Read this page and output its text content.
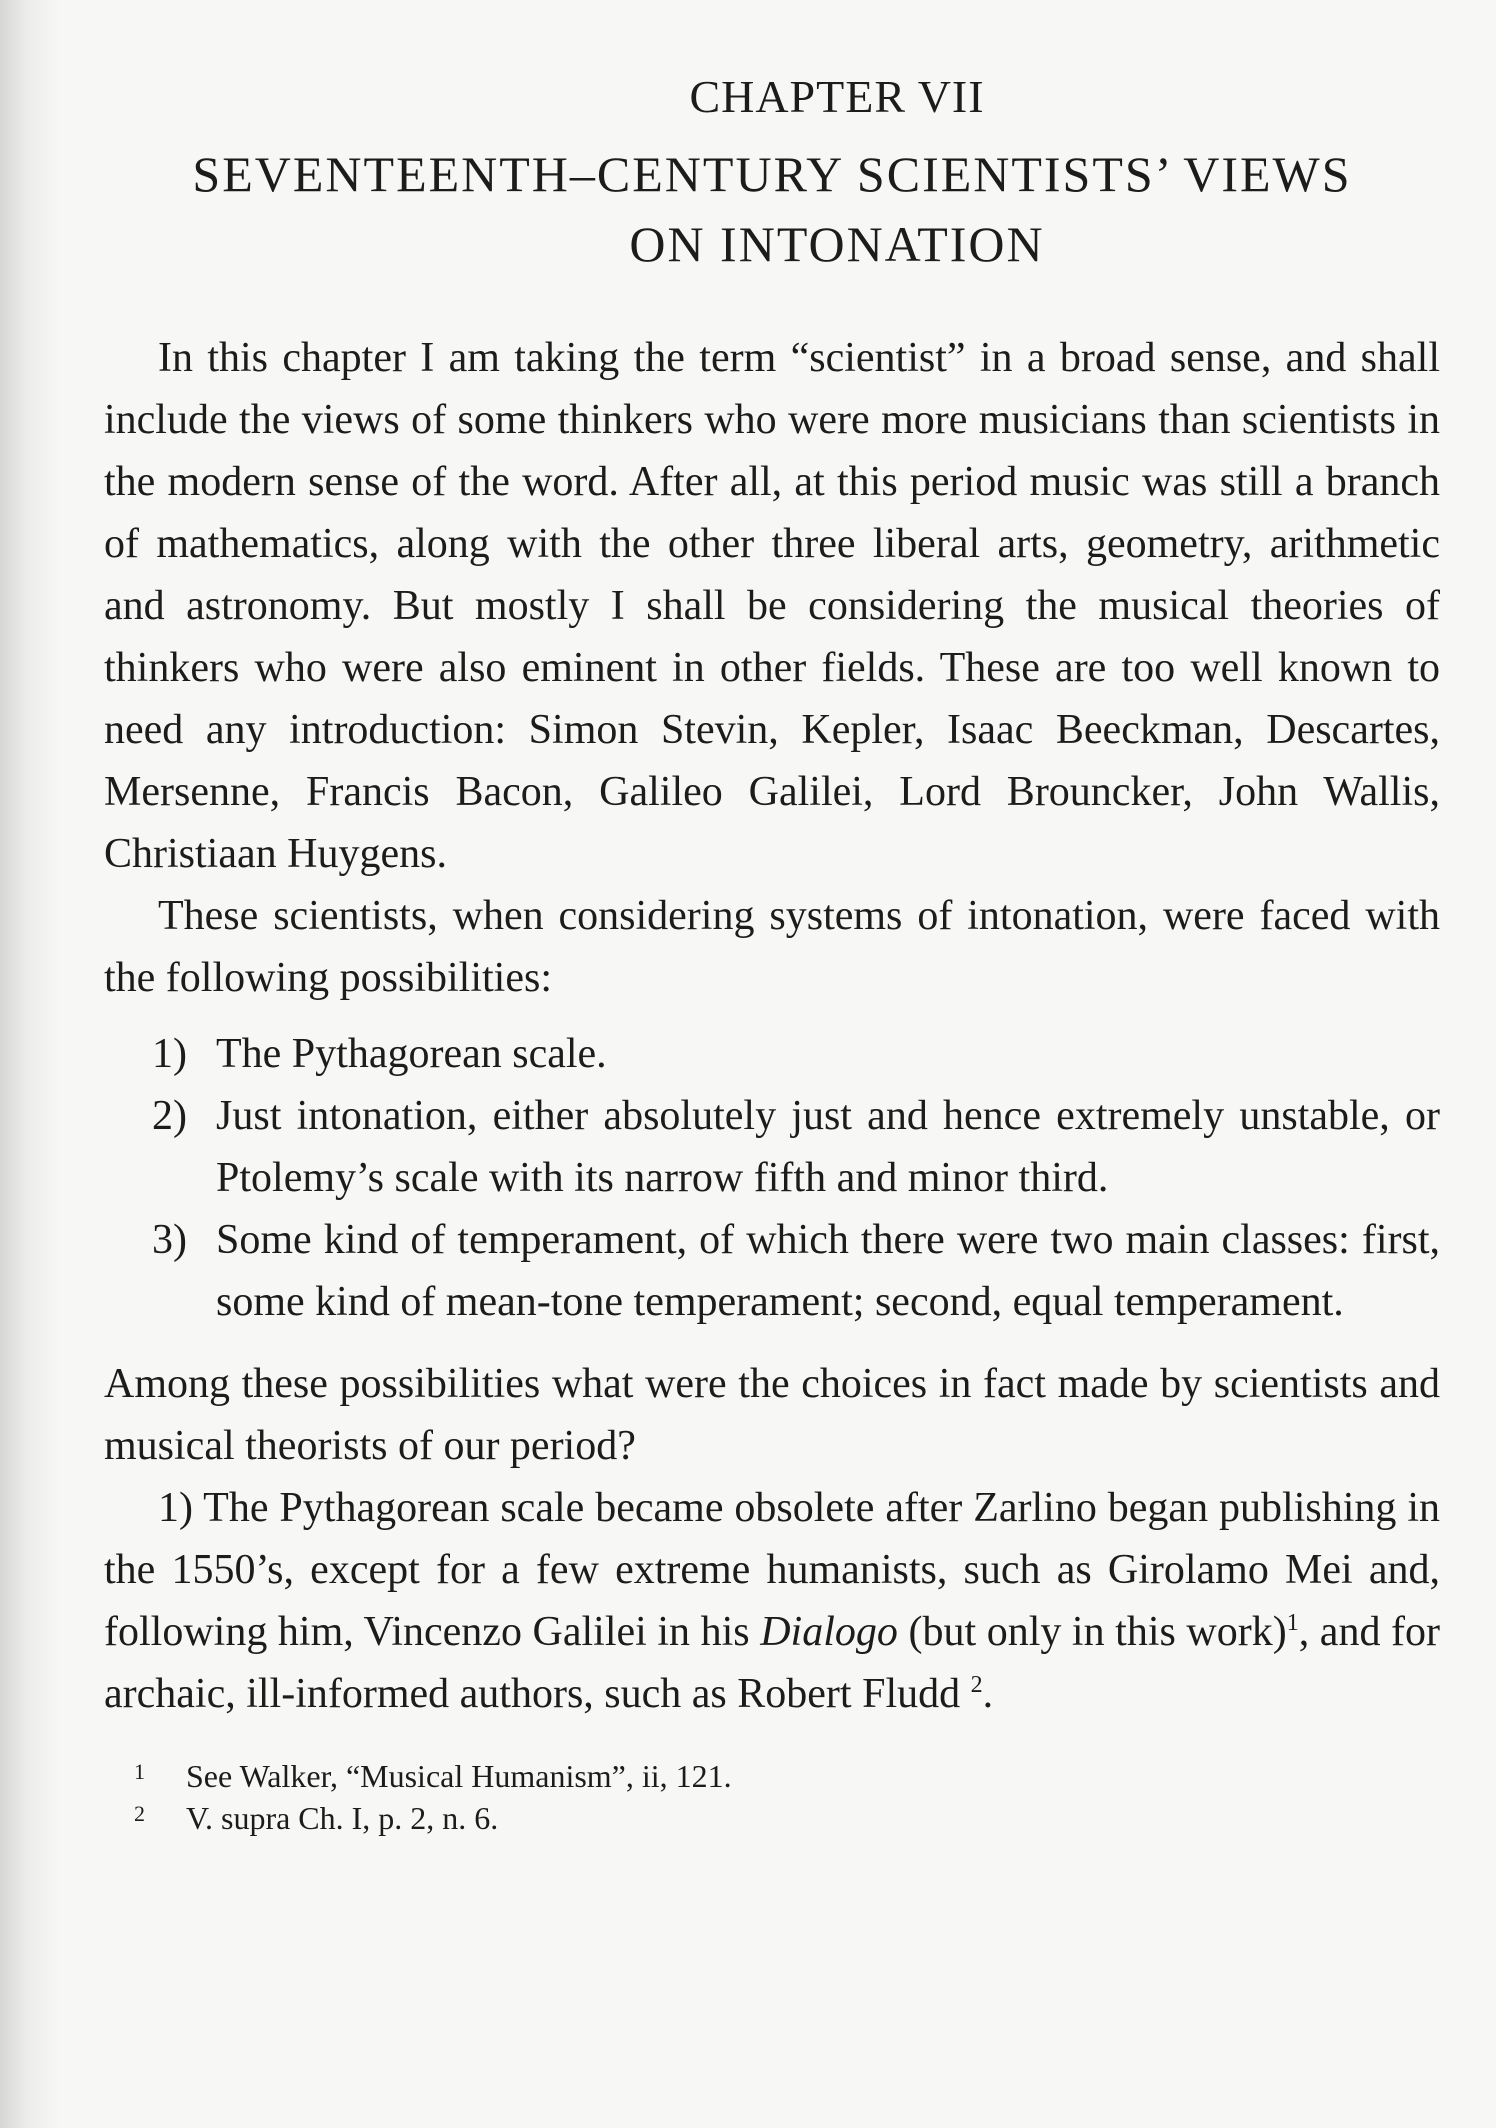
CHAPTER VII
SEVENTEENTH–CENTURY SCIENTISTS’ VIEWS
ON INTONATION

In this chapter I am taking the term “scientist” in a broad sense, and shall include the views of some thinkers who were more musicians than scientists in the modern sense of the word. After all, at this period music was still a branch of mathematics, along with the other three liberal arts, geometry, arithmetic and astronomy. But mostly I shall be considering the musical theories of thinkers who were also eminent in other fields. These are too well known to need any introduction: Simon Stevin, Kepler, Isaac Beeckman, Descartes, Mersenne, Francis Bacon, Galileo Galilei, Lord Brouncker, John Wallis, Christiaan Huygens.

These scientists, when considering systems of intonation, were faced with the following possibilities:

1) The Pythagorean scale.
2) Just intonation, either absolutely just and hence extremely unstable, or Ptolemy’s scale with its narrow fifth and minor third.
3) Some kind of temperament, of which there were two main classes: first, some kind of mean-tone temperament; second, equal temperament.

Among these possibilities what were the choices in fact made by scientists and musical theorists of our period?

1) The Pythagorean scale became obsolete after Zarlino began publishing in the 1550’s, except for a few extreme humanists, such as Girolamo Mei and, following him, Vincenzo Galilei in his Dialogo (but only in this work)$^1$, and for archaic, ill-informed authors, such as Robert Fludd $^2$.

1 See Walker, “Musical Humanism”, ii, 121.
2 V. supra Ch. I, p. 2, n. 6.
